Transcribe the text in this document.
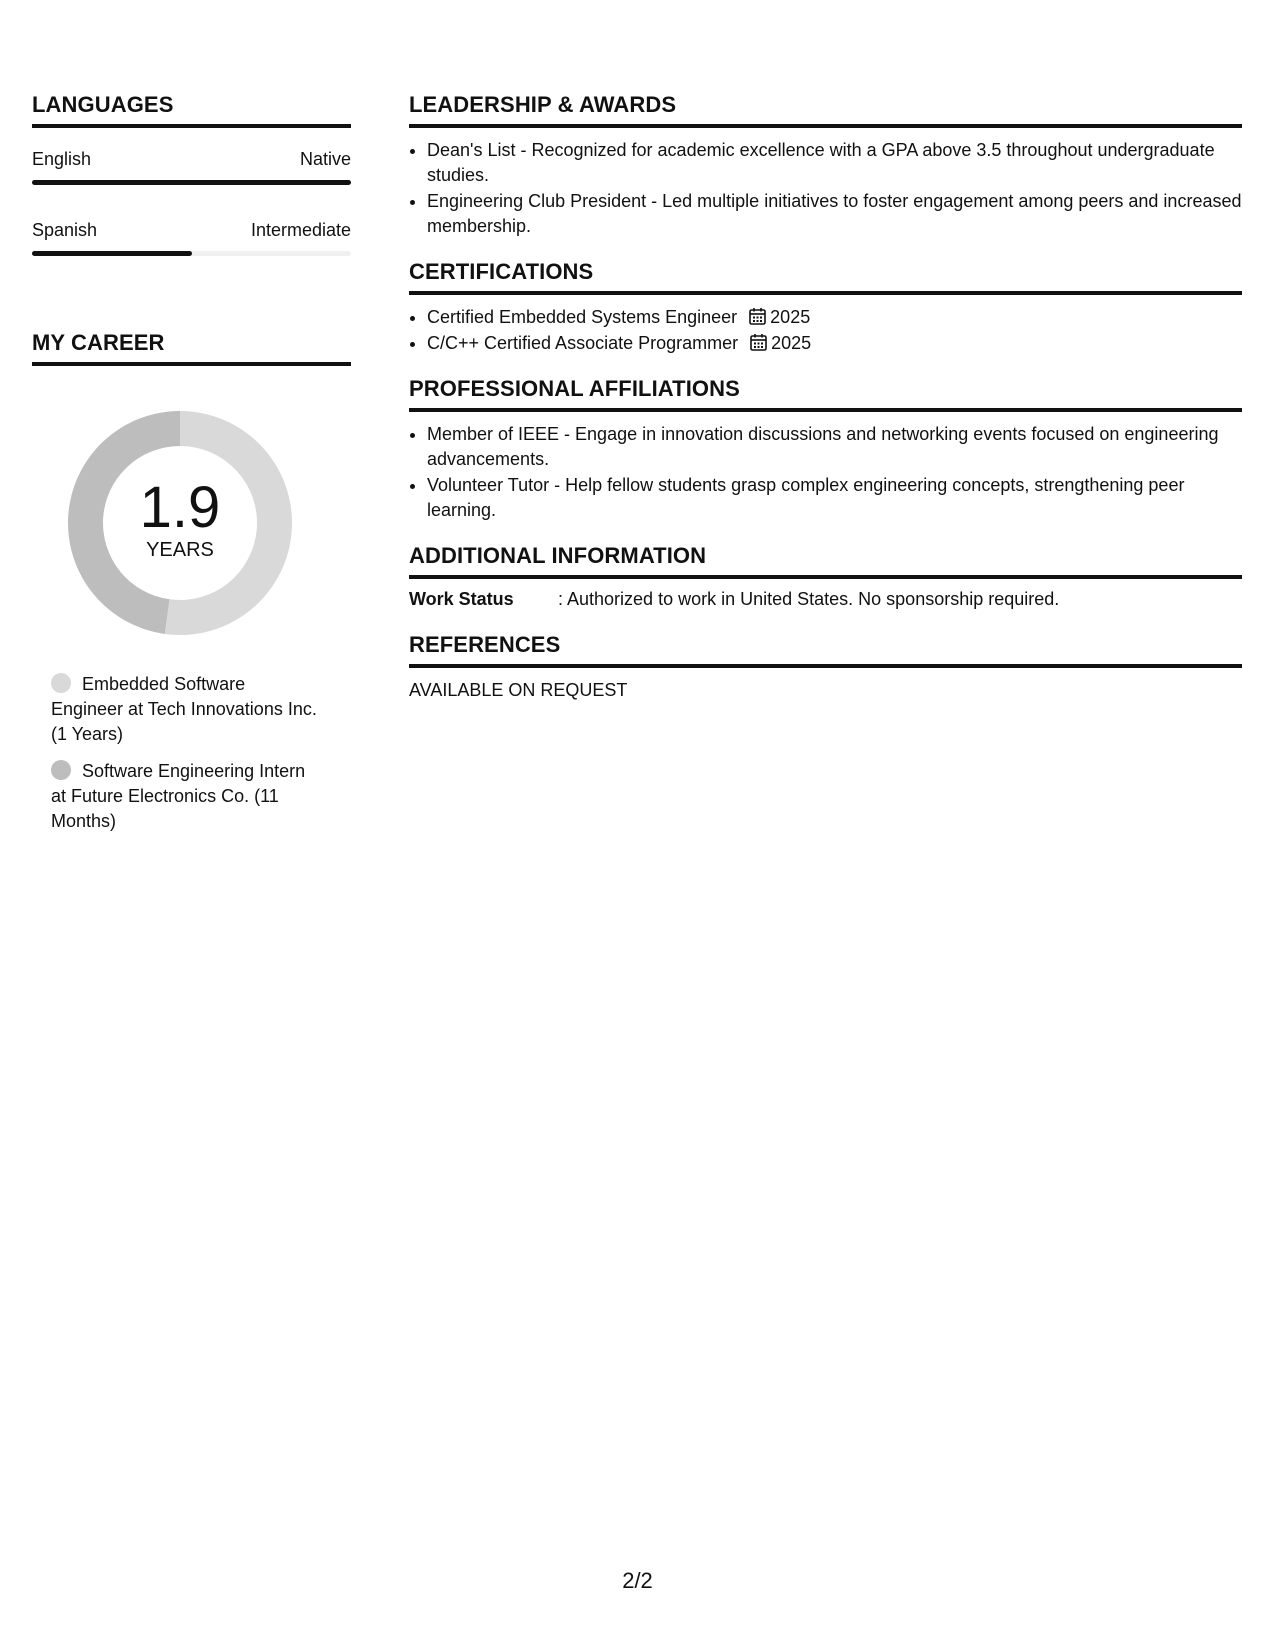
LANGUAGES
English	Native
Spanish	Intermediate
MY CAREER
1.9
YEARS
Embedded Software Engineer at Tech Innovations Inc. (1 Years)
Software Engineering Intern at Future Electronics Co. (11 Months)
LEADERSHIP & AWARDS
• Dean's List - Recognized for academic excellence with a GPA above 3.5 throughout undergraduate studies.
• Engineering Club President - Led multiple initiatives to foster engagement among peers and increased membership.
CERTIFICATIONS
• Certified Embedded Systems Engineer 2025
• C/C++ Certified Associate Programmer 2025
PROFESSIONAL AFFILIATIONS
• Member of IEEE - Engage in innovation discussions and networking events focused on engineering advancements.
• Volunteer Tutor - Help fellow students grasp complex engineering concepts, strengthening peer learning.
ADDITIONAL INFORMATION
Work Status	: Authorized to work in United States. No sponsorship required.
REFERENCES
AVAILABLE ON REQUEST
2/2
